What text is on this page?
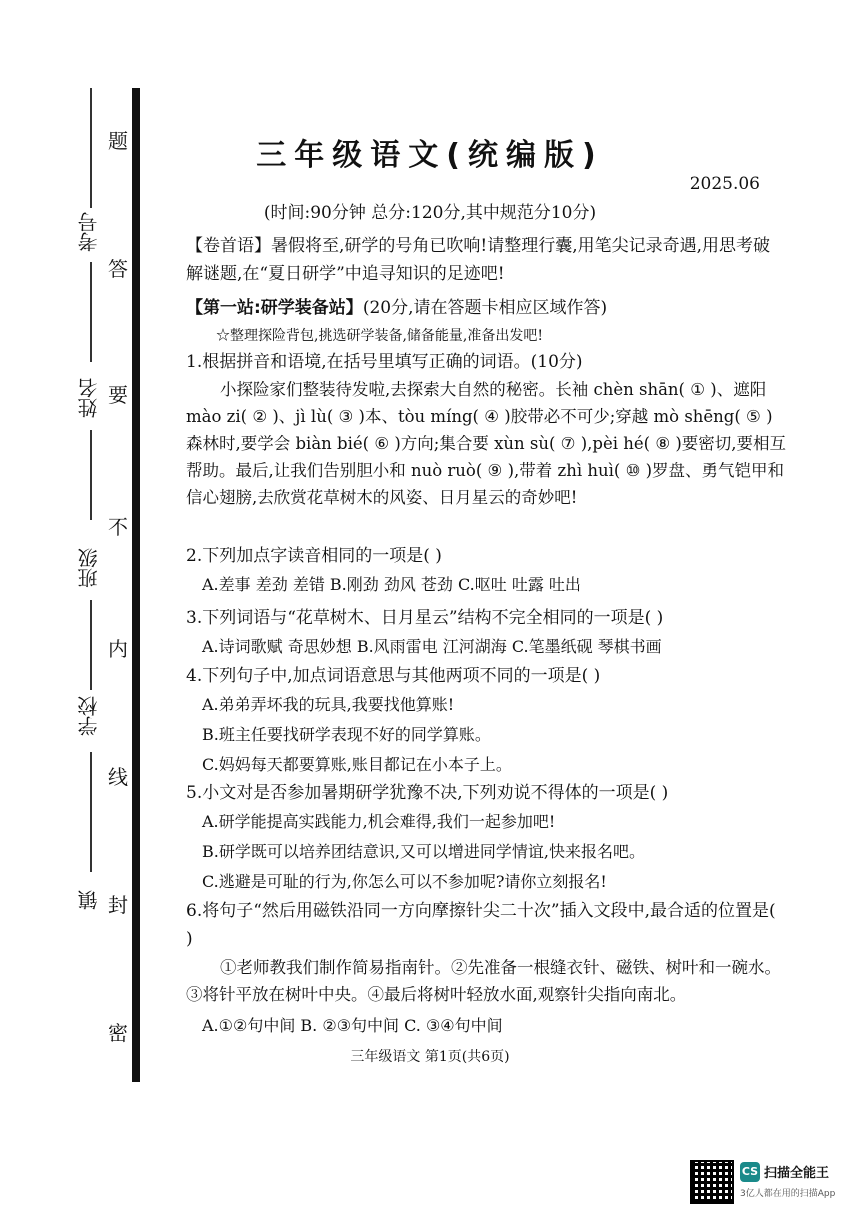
考号
姓名
班级
学校
镇
题
答
要
不
内
线
封
密
三年级语文(统编版)
2025.06
(时间:90分钟 总分:120分,其中规范分10分)
【卷首语】暑假将至,研学的号角已吹响!请整理行囊,用笔尖记录奇遇,用思考破解谜题,在“夏日研学”中追寻知识的足迹吧!
【第一站:研学装备站】(20分,请在答题卡相应区域作答)
☆整理探险背包,挑选研学装备,储备能量,准备出发吧!
1.根据拼音和语境,在括号里填写正确的词语。(10分)
小探险家们整装待发啦,去探索大自然的秘密。长袖 chèn shān( ① )、遮阳 mào zi( ② )、jì lù( ③ )本、tòu míng( ④ )胶带必不可少;穿越 mò shēng( ⑤ )森林时,要学会 biàn bié( ⑥ )方向;集合要 xùn sù( ⑦ ),pèi hé( ⑧ )要密切,要相互帮助。最后,让我们告别胆小和 nuò ruò( ⑨ ),带着 zhì huì( ⑩ )罗盘、勇气铠甲和信心翅膀,去欣赏花草树木的风姿、日月星云的奇妙吧!
2.下列加点字读音相同的一项是( )
A.差事 差劲 差错 B.刚劲 劲风 苍劲 C.呕吐 吐露 吐出
3.下列词语与“花草树木、日月星云”结构不完全相同的一项是( )
A.诗词歌赋 奇思妙想 B.风雨雷电 江河湖海 C.笔墨纸砚 琴棋书画
4.下列句子中,加点词语意思与其他两项不同的一项是( )
A.弟弟弄坏我的玩具,我要找他算账!
B.班主任要找研学表现不好的同学算账。
C.妈妈每天都要算账,账目都记在小本子上。
5.小文对是否参加暑期研学犹豫不决,下列劝说不得体的一项是( )
A.研学能提高实践能力,机会难得,我们一起参加吧!
B.研学既可以培养团结意识,又可以增进同学情谊,快来报名吧。
C.逃避是可耻的行为,你怎么可以不参加呢?请你立刻报名!
6.将句子“然后用磁铁沿同一方向摩擦针尖二十次”插入文段中,最合适的位置是( )
①老师教我们制作简易指南针。②先准备一根缝衣针、磁铁、树叶和一碗水。③将针平放在树叶中央。④最后将树叶轻放水面,观察针尖指向南北。
A.①②句中间 B. ②③句中间 C. ③④句中间
三年级语文 第1页(共6页)
CS 扫描全能王
3亿人都在用的扫描App
